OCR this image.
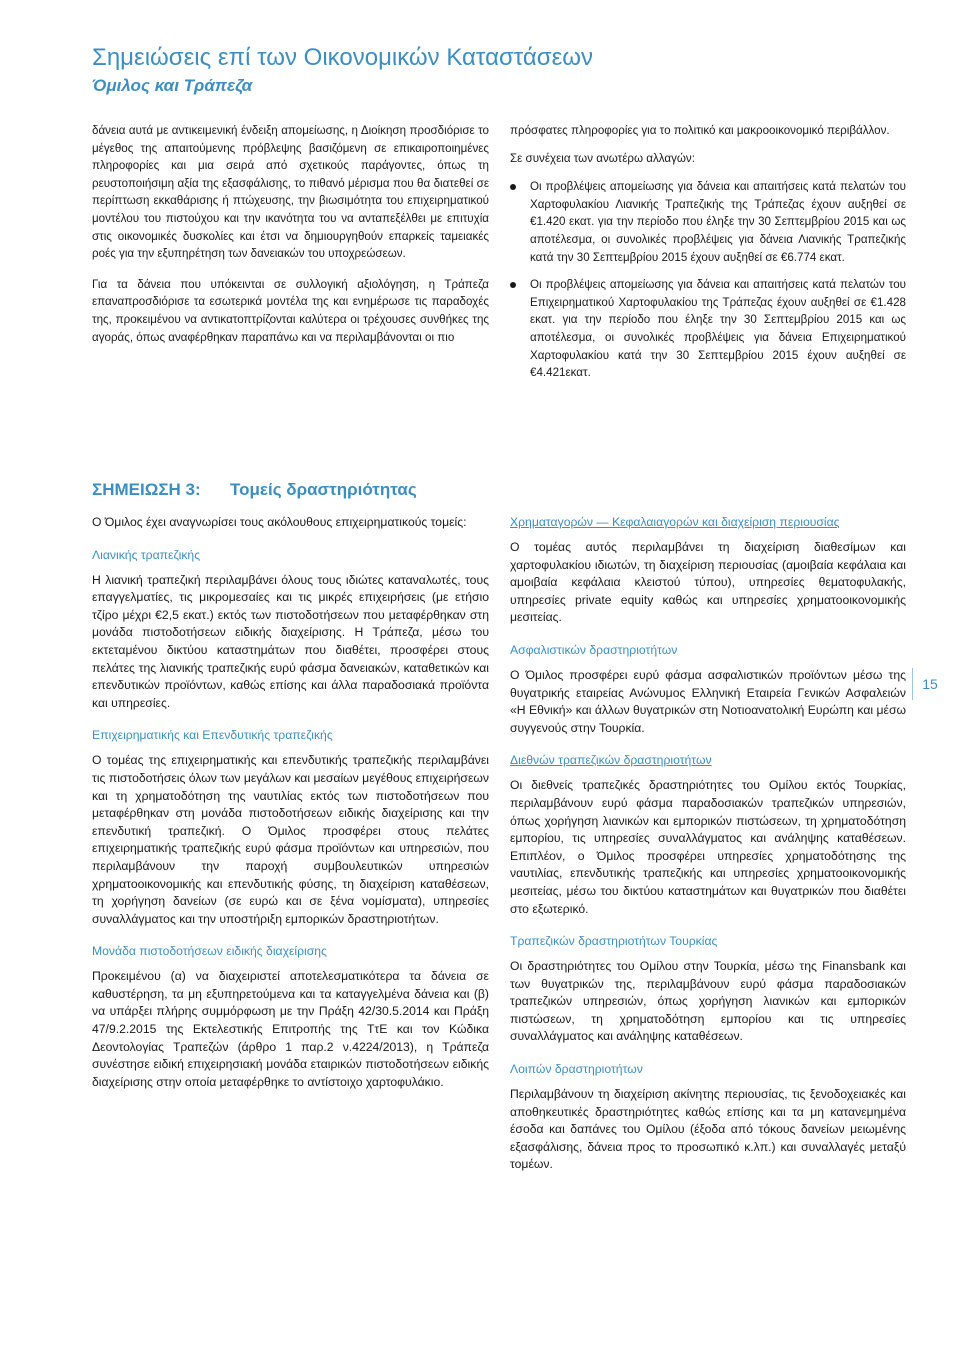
Σημειώσεις επί των Οικονομικών Καταστάσεων
Όμιλος και Τράπεζα

δάνεια αυτά με αντικειμενική ένδειξη απομείωσης, η Διοίκηση προσδιόρισε το μέγεθος της απαιτούμενης πρόβλεψης βασιζόμενη σε επικαιροποιημένες πληροφορίες και μια σειρά από σχετικούς παράγοντες, όπως τη ρευστοποιήσιμη αξία της εξασφάλισης, το πιθανό μέρισμα που θα διατεθεί σε περίπτωση εκκαθάρισης ή πτώχευσης, την βιωσιμότητα του επιχειρηματικού μοντέλου του πιστούχου και την ικανότητα του να ανταπεξέλθει με επιτυχία στις οικονομικές δυσκολίες και έτσι να δημιουργηθούν επαρκείς ταμειακές ροές για την εξυπηρέτηση των δανειακών του υποχρεώσεων.

Για τα δάνεια που υπόκειντ​αι σε συλλογική αξιολόγηση, η Τράπεζα επαναπροσδιόρισε τα εσωτερικά μοντέλα της και ενημέρωσε τις παραδοχές της, προκειμένου να αντικατοπτρίζονται καλύτερα οι τρέχουσες συνθήκες της αγοράς, όπως αναφέρθηκαν παραπάνω και να περιλαμβάνονται οι πιο

πρόσφατες πληροφορίες για το πολιτικό και μακροοικονομικό περιβάλλον.

Σε συνέχεια των ανωτέρω αλλαγών:

Οι προβλέψεις απομείωσης για δάνεια και απαιτήσεις κατά πελατών του Χαρτοφυλακίου Λιανικής Τραπεζικής της Τράπεζας έχουν αυξηθεί σε €1.420 εκατ. για την περίοδο που έληξε την 30 Σεπτεμβρίου 2015 και ως αποτέλεσμα, οι συνολικές προβλέψεις για δάνεια Λιανικής Τραπεζικής κατά την 30 Σεπτεμβρίου 2015 έχουν αυξηθεί σε €6.774 εκατ.

Οι προβλέψεις απομείωσης για δάνεια και απαιτήσεις κατά πελατών του Επιχειρηματικού Χαρτοφυλακίου της Τράπεζας έχουν αυξηθεί σε €1.428 εκατ. για την περίοδο που έληξε την 30 Σεπτεμβρίου 2015 και ως αποτέλεσμα, οι συνολικές προβλέψεις για δάνεια Επιχειρηματικού Χαρτοφυλακίου κατά την 30 Σεπτεμβρίου 2015 έχουν αυξηθεί σε €4.421εκατ.

ΣΗΜΕΙΩΣΗ 3: Τομείς δραστηριότητας

Ο Όμιλος έχει αναγνωρίσει τους ακόλουθους επιχειρηματικούς τομείς:

Λιανικής τραπεζικής

Η λιανική τραπεζική περιλαμβάνει όλους τους ιδιώτες καταναλωτές, τους επαγγελματίες, τις μικρομεσαίες και τις μικρές επιχειρήσεις (με ετήσιο τζίρο μέχρι €2,5 εκατ.) εκτός των πιστοδοτήσεων που μεταφέρθηκαν στη μονάδα πιστοδοτήσεων ειδικής διαχείρισης. Η Τράπεζα, μέσω του εκτεταμένου δικτύου καταστημάτων που διαθέτει, προσφέρει στους πελάτες της λιανικής τραπεζικής ευρύ φάσμα δανειακών, καταθετικών και επενδυτικών προϊόντων, καθώς επίσης και άλλα παραδοσιακά προϊόντα και υπηρεσίες.

Επιχειρηματικής και Επενδυτικής τραπεζικής

Ο τομέας της επιχειρηματικής και επενδυτικής τραπεζικής περιλαμβάνει τις πιστοδοτήσεις όλων των μεγάλων και μεσαίων μεγέθους επιχειρήσεων και τη χρηματοδότηση της ναυτιλίας εκτός των πιστοδοτήσεων που μεταφέρθηκαν στη μονάδα πιστοδοτήσεων ειδικής διαχείρισης και την επενδυτική τραπεζική. Ο Όμιλος προσφέρει στους πελάτες επιχειρηματικής τραπεζικής ευρύ φάσμα προϊόντων και υπηρεσιών, που περιλαμβάνουν την παροχή συμβουλευτικών υπηρεσιών χρηματοοικονομικής και επενδυτικής φύσης, τη διαχείριση καταθέσεων, τη χορήγηση δανείων (σε ευρώ και σε ξένα νομίσματα), υπηρεσίες συναλλάγματος και την υποστήριξη εμπορικών δραστηριοτήτων.

Μονάδα πιστοδοτήσεων ειδικής διαχείρισης

Προκειμένου (α) να διαχειριστεί αποτελεσματικότερα τα δάνεια σε καθυστέρηση, τα μη εξυπηρετούμενα και τα καταγγελμένα δάνεια και (β) να υπάρξει πλήρης συμμόρφωση με την Πράξη 42/30.5.2014 και Πράξη 47/9.2.2015 της Εκτελεστικής Επιτροπής της ΤτΕ και τον Κώδικα Δεοντολογίας Τραπεζών (άρθρο 1 παρ.2 ν.4224/2013), η Τράπεζα συνέστησε ειδική επιχειρησιακή μονάδα εταιρικών πιστοδοτήσεων ειδικής διαχείρισης στην οποία μεταφέρθηκε το αντίστοιχο χαρτοφυλάκιο.

Χρηματαγορών — Κεφαλαιαγορών και διαχείριση περιουσίας

Ο τομέας αυτός περιλαμβάνει τη διαχείριση διαθεσίμων και χαρτοφυλακίου ιδιωτών, τη διαχείριση περιουσίας (αμοιβαία κεφάλαια και αμοιβαία κεφάλαια κλειστού τύπου), υπηρεσίες θεματοφυλακής, υπηρεσίες private equity καθώς και υπηρεσίες χρηματοοικονομικής μεσιτείας.

Ασφαλιστικών δραστηριοτήτων

Ο Όμιλος προσφέρει ευρύ φάσμα ασφαλιστικών προϊόντων μέσω της θυγατρικής εταιρείας Ανώνυμος Ελληνική Εταιρεία Γενικών Ασφαλειών «Η Εθνική» και άλλων θυγατρικών στη Νοτιοανατολική Ευρώπη και μέσω συγγενούς στην Τουρκία.

Διεθνών τραπεζικών δραστηριοτήτων

Οι διεθνείς τραπεζικές δραστηριότητες του Ομίλου εκτός Τουρκίας, περιλαμβάνουν ευρύ φάσμα παραδοσιακών τραπεζικών υπηρεσιών, όπως χορήγηση λιανικών και εμπορικών πιστώσεων, τη χρηματοδότηση εμπορίου, τις υπηρεσίες συναλλάγματος και ανάληψης καταθέσεων. Επιπλέον, ο Όμιλος προσφέρει υπηρεσίες χρηματοδότησης της ναυτιλίας, επενδυτικής τραπεζικής και υπηρεσίες χρηματοοικονομικής μεσιτείας, μέσω του δικτύου καταστημάτων και θυγατρικών που διαθέτει στο εξωτερικό.

Τραπεζικών δραστηριοτήτων Τουρκίας

Οι δραστηριότητες του Ομίλου στην Τουρκία, μέσω της Finansbank και των θυγατρικών της, περιλαμβάνουν ευρύ φάσμα παραδοσιακών τραπεζικών υπηρεσιών, όπως χορήγηση λιανικών και εμπορικών πιστώσεων, τη χρηματοδότηση εμπορίου και τις υπηρεσίες συναλλάγματος και ανάληψης καταθέσεων.

Λοιπών δραστηριοτήτων

Περιλαμβάνουν τη διαχείριση ακίνητης περιουσίας, τις ξενοδοχειακές και αποθηκευτικές δραστηριότητες καθώς επίσης και τα μη κατανεμημένα έσοδα και δαπάνες του Ομίλου (έξοδα από τόκους δανείων μειωμένης εξασφάλισης, δάνεια προς το προσωπικό κ.λπ.) και συναλλαγές μεταξύ τομέων.

15
